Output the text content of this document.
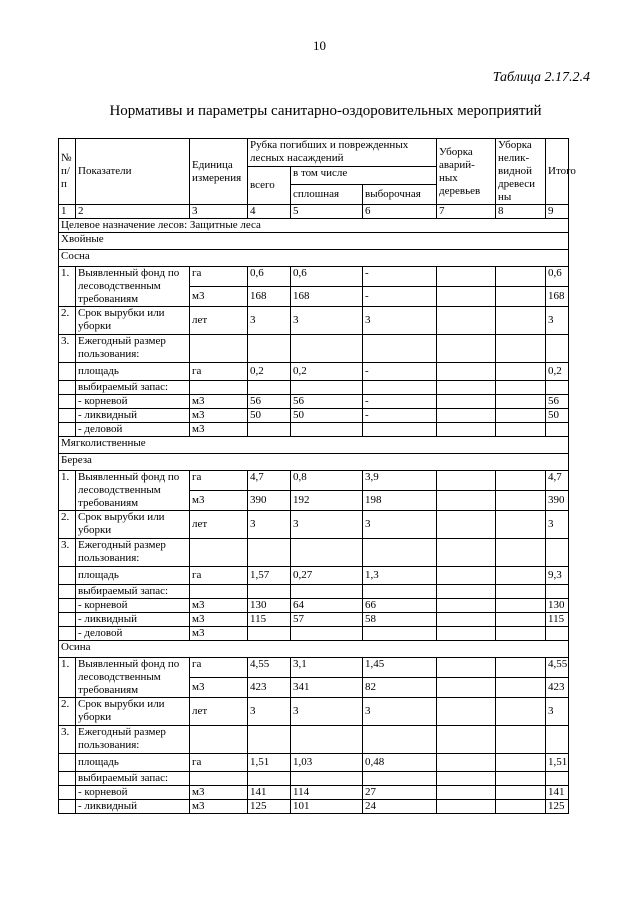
10
Таблица 2.17.2.4
Нормативы и параметры санитарно-оздоровительных мероприятий
№ п/п	Показатели	Единица измерения	Рубка погибших и поврежденных лесных насаждений			Уборка аварий-ных деревьев	Уборка нелик-видной древеси ны	Итого
			всего	в том числе				
				сплошная	выборочная			
1	2	3	4	5	6	7	8	9
Целевое назначение лесов: Защитные леса								
Хвойные								
Сосна								
1.	Выявленный фонд по лесоводственным требованиям	га	0,6	0,6	-			0,6
		м3	168	168	-			168
2.	Срок вырубки или уборки	лет	3	3	3			3
3.	Ежегодный размер пользования:							
	площадь	га	0,2	0,2	-			0,2
	выбираемый запас:							
	- корневой	м3	56	56	-			56
	- ликвидный	м3	50	50	-			50
	- деловой	м3						
Мягколиственные								
Береза								
1.	Выявленный фонд по лесоводственным требованиям	га	4,7	0,8	3,9			4,7
		м3	390	192	198			390
2.	Срок вырубки или уборки	лет	3	3	3			3
3.	Ежегодный размер пользования:							
	площадь	га	1,57	0,27	1,3			9,3
	выбираемый запас:							
	- корневой	м3	130	64	66			130
	- ликвидный	м3	115	57	58			115
	- деловой	м3						
Осина								
1.	Выявленный фонд по лесоводственным требованиям	га	4,55	3,1	1,45			4,55
		м3	423	341	82			423
2.	Срок вырубки или уборки	лет	3	3	3			3
3.	Ежегодный размер пользования:							
	площадь	га	1,51	1,03	0,48			1,51
	выбираемый запас:							
	- корневой	м3	141	114	27			141
	- ликвидный	м3	125	101	24			125
